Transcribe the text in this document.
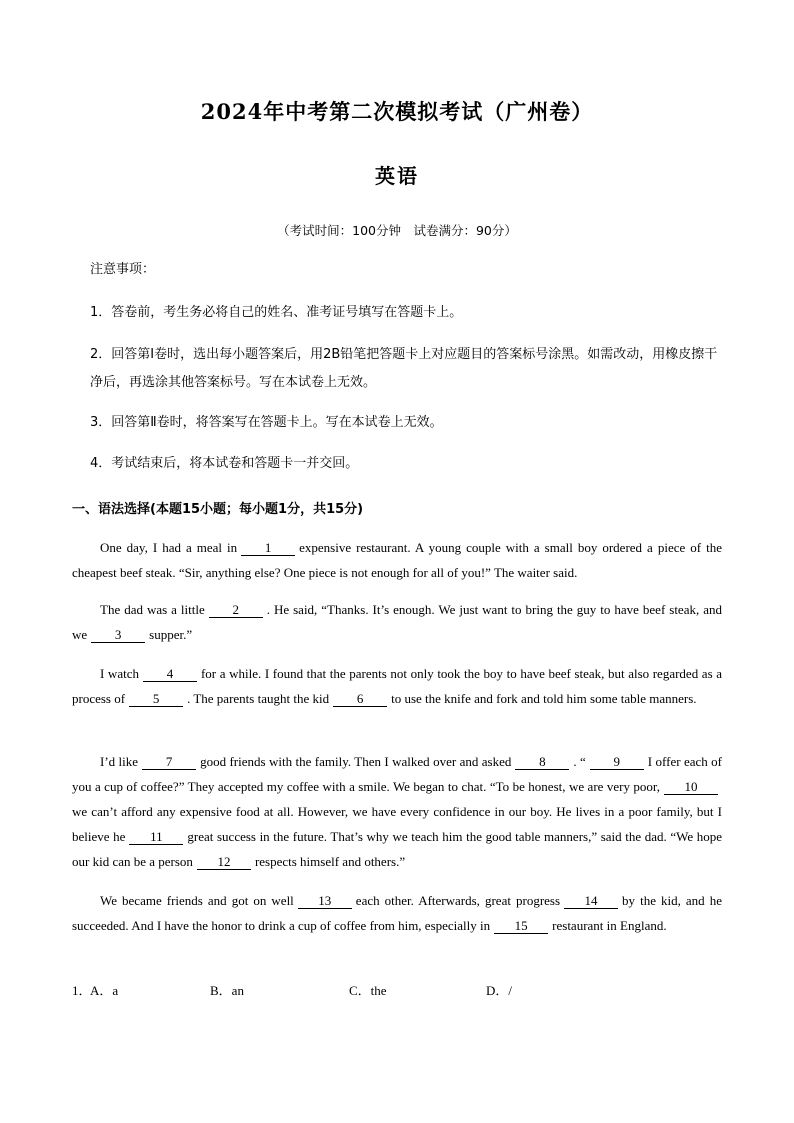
2024年中考第二次模拟考试（广州卷）
英语
（考试时间：100分钟　试卷满分：90分）
注意事项：
1．答卷前，考生务必将自己的姓名、准考证号填写在答题卡上。
2．回答第Ⅰ卷时，选出每小题答案后，用2B铅笔把答题卡上对应题目的答案标号涂黑。如需改动，用橡皮擦干净后，再选涂其他答案标号。写在本试卷上无效。
3．回答第Ⅱ卷时，将答案写在答题卡上。写在本试卷上无效。
4．考试结束后，将本试卷和答题卡一并交回。
一、语法选择(本题15小题；每小题1分，共15分)
One day, I had a meal in 1 expensive restaurant. A young couple with a small boy ordered a piece of the cheapest beef steak. “Sir, anything else? One piece is not enough for all of you!” The waiter said.
The dad was a little 2 . He said, “Thanks. It’s enough. We just want to bring the guy to have beef steak, and we 3 supper.”
I watch 4 for a while. I found that the parents not only took the boy to have beef steak, but also regarded as a process of 5 . The parents taught the kid 6 to use the knife and fork and told him some table manners.
I’d like 7 good friends with the family. Then I walked over and asked 8 . “ 9 I offer each of you a cup of coffee?” They accepted my coffee with a smile. We began to chat. “To be honest, we are very poor, 10we can’t afford any expensive food at all. However, we have every confidence in our boy. He lives in a poor family, but I believe he 11 great success in the future. That’s why we teach him the good table manners,” said the dad. “We hope our kid can be a person 12 respects himself and others.”
We became friends and got on well 13 each other. Afterwards, great progress 14 by the kid, and he succeeded. And I have the honor to drink a cup of coffee from him, especially in 15 restaurant in England.
1．
A．a	B．an	C．the	D．/
